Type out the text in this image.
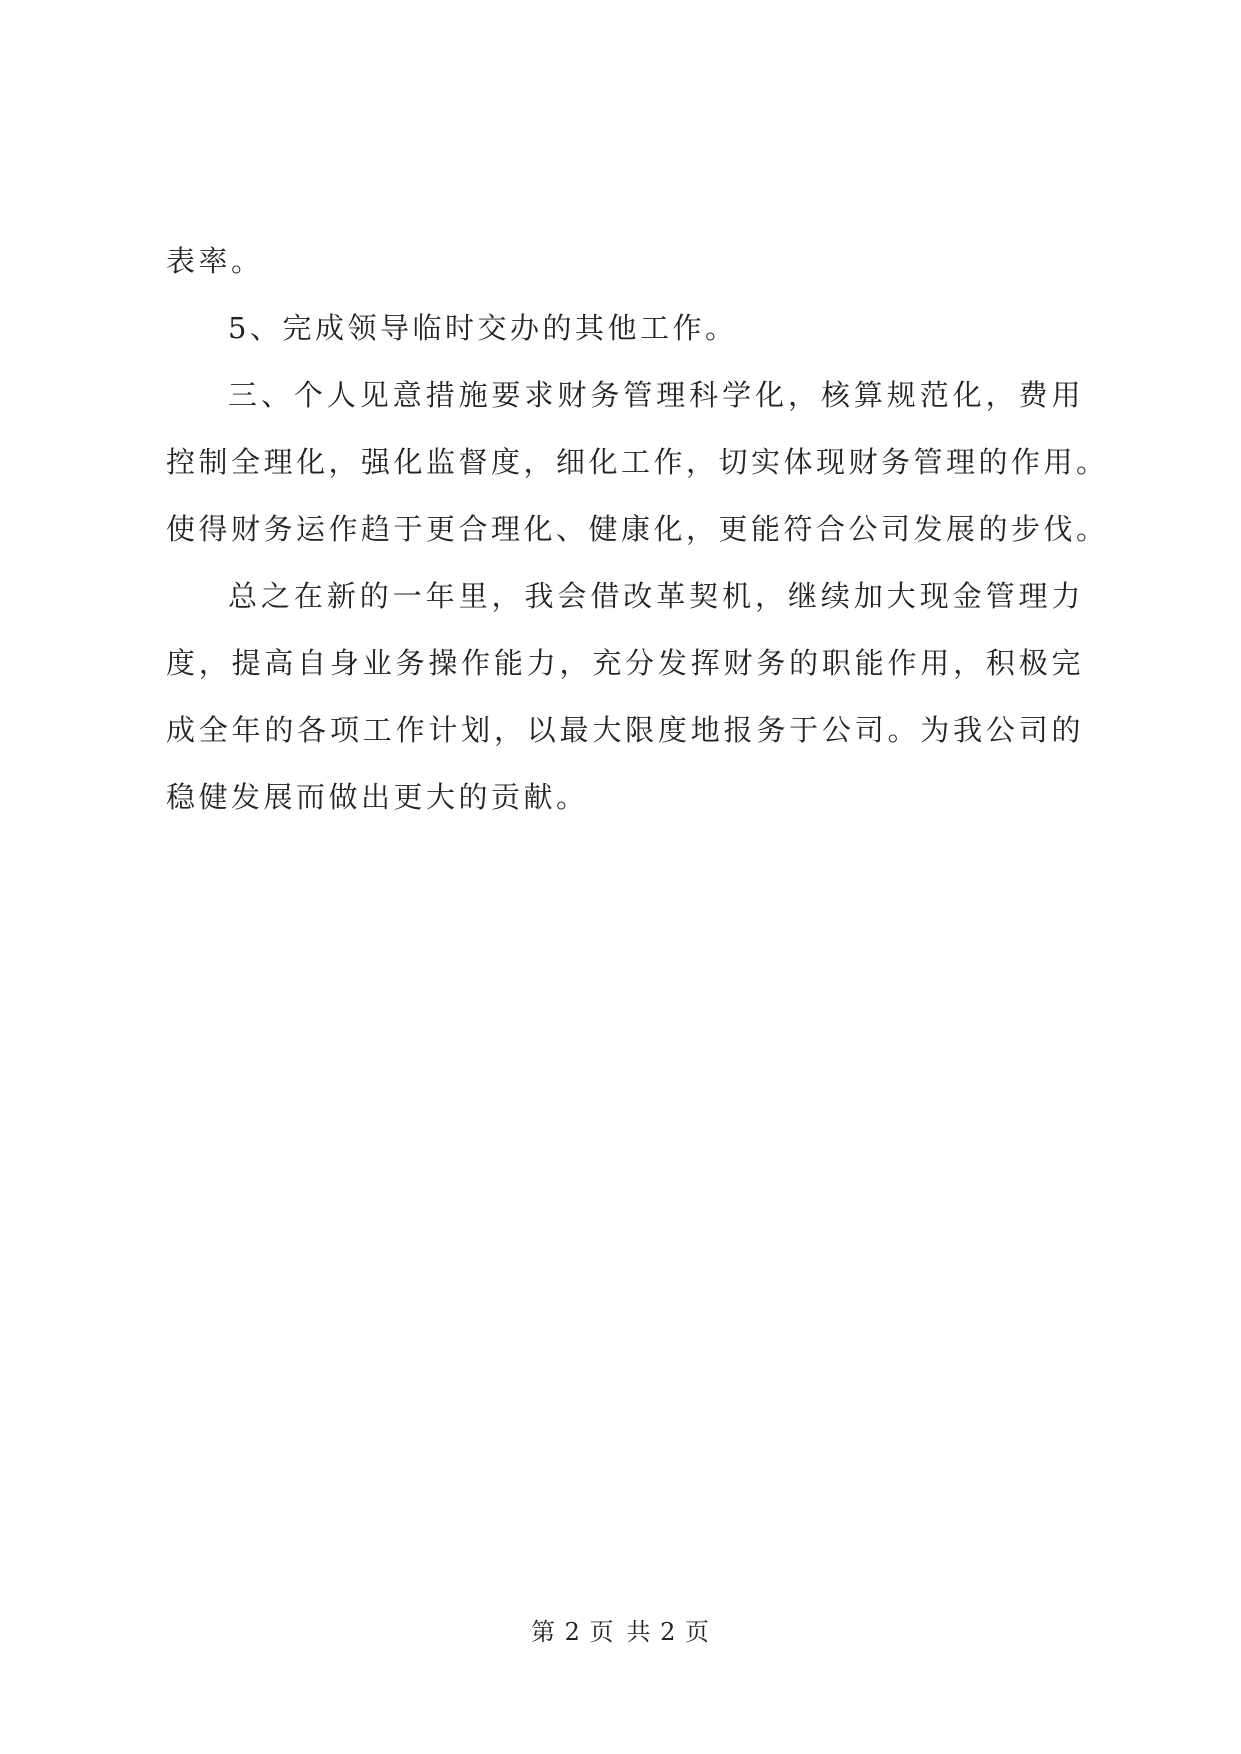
表率。
5、完成领导临时交办的其他工作。
三、个人见意措施要求财务管理科学化，核算规范化，费用
控制全理化，强化监督度，细化工作，切实体现财务管理的作用。
使得财务运作趋于更合理化、健康化，更能符合公司发展的步伐。
总之在新的一年里，我会借改革契机，继续加大现金管理力
度，提高自身业务操作能力，充分发挥财务的职能作用，积极完
成全年的各项工作计划，以最大限度地报务于公司。为我公司的
稳健发展而做出更大的贡献。
第 2 页 共 2 页
